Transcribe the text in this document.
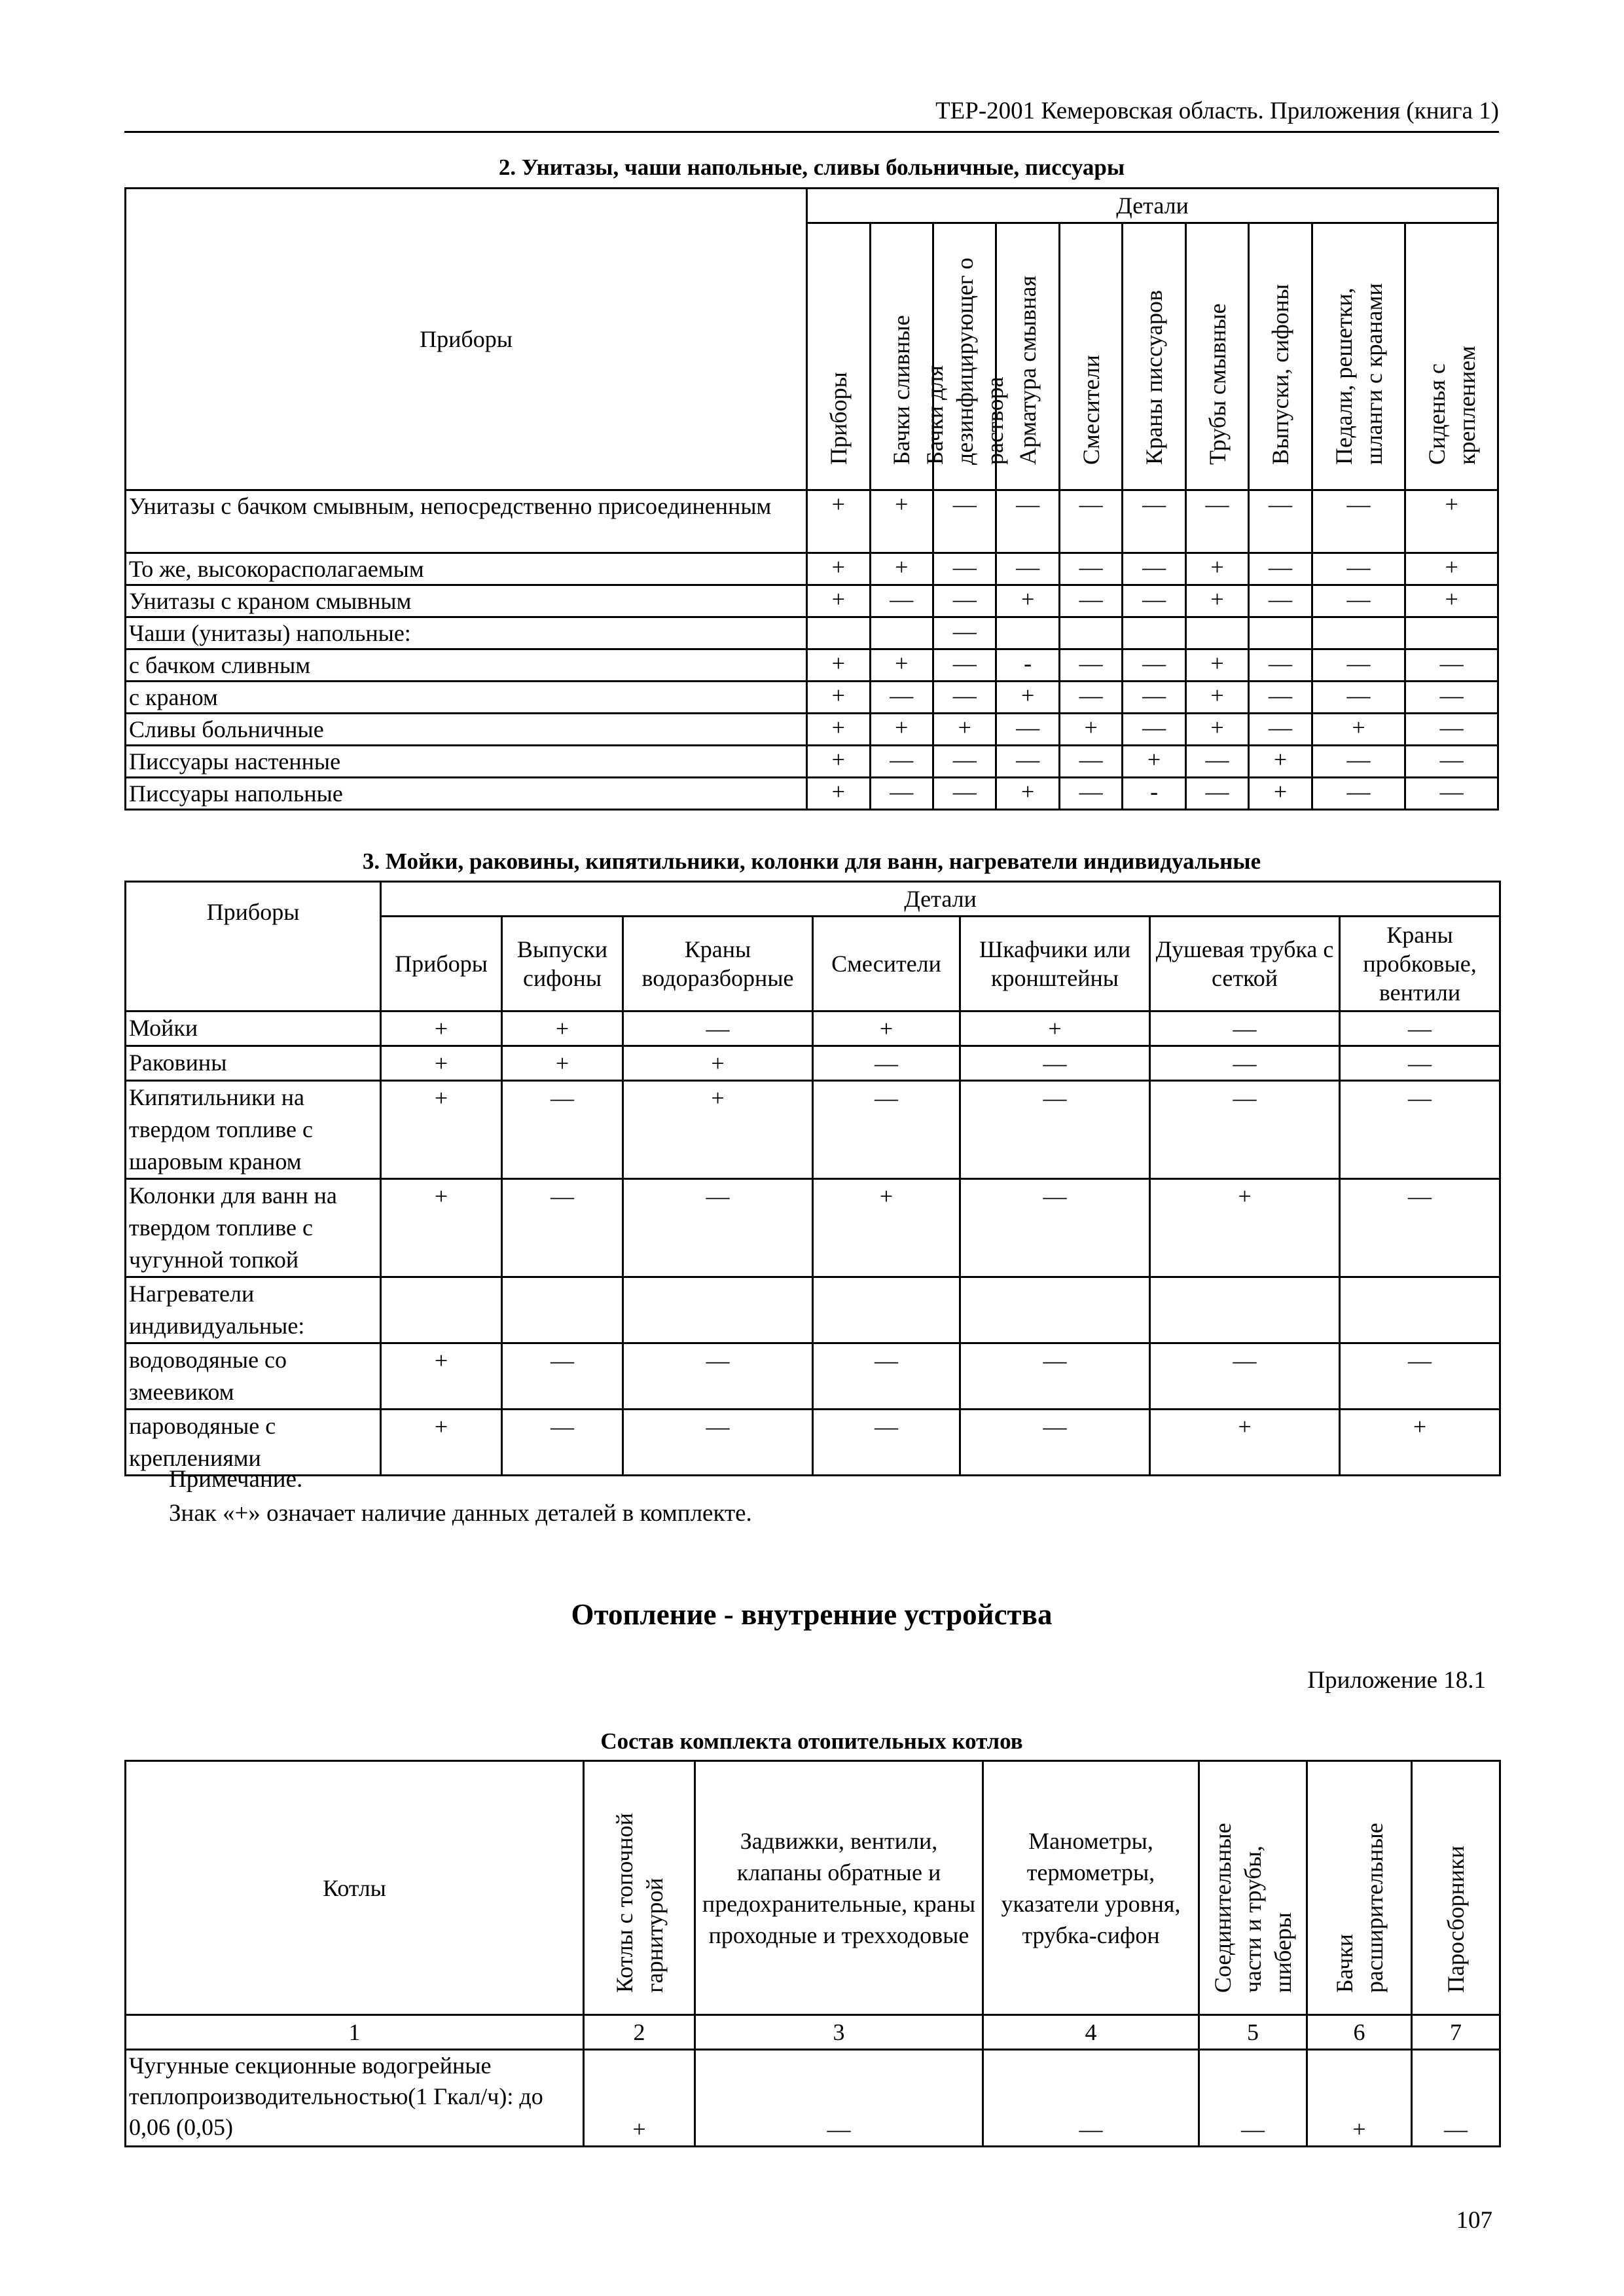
ТЕР-2001 Кемеровская область. Приложения (книга 1)
2. Унитазы, чаши напольные, сливы больничные, писсуары
Приборы	Детали									

	Приборы	Бачки сливные	Бачки для дезинфицирующег о раствора	Арматура смывная	Смесители	Краны писсуаров	Трубы смывные	Выпуски, сифоны	Педали, решетки, шланги с кранами	Сиденья с креплением

Унитазы с бачком смывным, непосредственно присоединенным	+	+	—	—	—	—	—	—	—	+
То же, высокорасполагаемым	+	+	—	—	—	—	+	—	—	+
Унитазы с краном смывным	+	—	—	+	—	—	+	—	—	+
Чаши (унитазы) напольные:			—							
с бачком сливным	+	+	—	-	—	—	+	—	—	—
с краном	+	—	—	+	—	—	+	—	—	—
Сливы больничные	+	+	+	—	+	—	+	—	+	—
Писсуары настенные	+	—	—	—	—	+	—	+	—	—
Писсуары напольные	+	—	—	+	—	-	—	+	—	—
3. Мойки, раковины, кипятильники, колонки для ванн, нагреватели индивидуальные
Приборы	Детали						
	Приборы	Выпуски сифоны	Краны водоразборные	Смесители	Шкафчики или кронштейны	Душевая трубка с сеткой	Краны пробковые, вентили
Мойки	+	+	—	+	+	—	—
Раковины	+	+	+	—	—	—	—
Кипятильники на твердом топливе с шаровым краном	+	—	+	—	—	—	—
Колонки для ванн на твердом топливе с чугунной топкой	+	—	—	+	—	+	—
Нагреватели индивидуальные:							
водоводяные со змеевиком	+	—	—	—	—	—	—
пароводяные с креплениями	+	—	—	—	—	+	+
Примечание.
Знак «+» означает наличие данных деталей в комплекте.
Отопление - внутренние устройства
Приложение 18.1
Состав комплекта отопительных котлов
Котлы	Котлы с топочной гарнитурой	Задвижки, вентили, клапаны обратные и предохранительные, краны проходные и трехходовые	Манометры, термометры, указатели уровня, трубка-сифон	Соединительные части и трубы, шиберы	Бачки расширительные	Паросборники

1	2	3	4	5	6	7
Чугунные секционные водогрейные теплопроизводительностью(1 Гкал/ч): до 0,06 (0,05)	+	—	—	—	+	—
107
